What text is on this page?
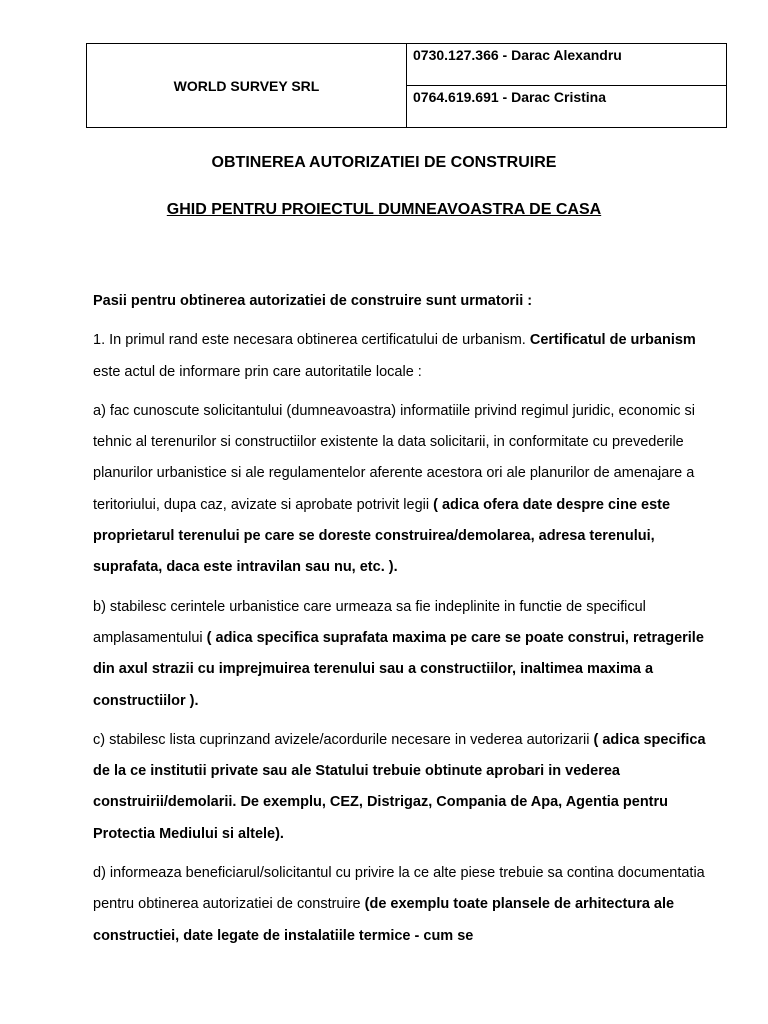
WORLD SURVEY SRL	0730.127.366 - Darac Alexandru
0764.619.691 - Darac Cristina
OBTINEREA AUTORIZATIEI DE CONSTRUIRE
GHID PENTRU PROIECTUL DUMNEAVOASTRA DE CASA

Pasii pentru obtinerea autorizatiei de construire sunt urmatorii :

1. In primul rand este necesara obtinerea certificatului de urbanism. Certificatul de urbanism este actul de informare prin care autoritatile locale :

a) fac cunoscute solicitantului (dumneavoastra) informatiile privind regimul juridic, economic si tehnic al terenurilor si constructiilor existente la data solicitarii, in conformitate cu prevederile planurilor urbanistice si ale regulamentelor aferente acestora ori ale planurilor de amenajare a teritoriului, dupa caz, avizate si aprobate potrivit legii ( adica ofera date despre cine este proprietarul terenului pe care se doreste construirea/demolarea, adresa terenului, suprafata, daca este intravilan sau nu, etc. ).

b) stabilesc cerintele urbanistice care urmeaza sa fie indeplinite in functie de specificul amplasamentului ( adica specifica suprafata maxima pe care se poate construi, retragerile din axul strazii cu imprejmuirea terenului sau a constructiilor, inaltimea maxima a constructiilor ).

c) stabilesc lista cuprinzand avizele/acordurile necesare in vederea autorizarii ( adica specifica de la ce institutii private sau ale Statului trebuie obtinute aprobari in vederea construirii/demolarii. De exemplu, CEZ, Distrigaz, Compania de Apa, Agentia pentru Protectia Mediului si altele).

d) informeaza beneficiarul/solicitantul cu privire la ce alte piese trebuie sa contina documentatia pentru obtinerea autorizatiei de construire (de exemplu toate plansele de arhitectura ale constructiei, date legate de instalatiile termice - cum se
